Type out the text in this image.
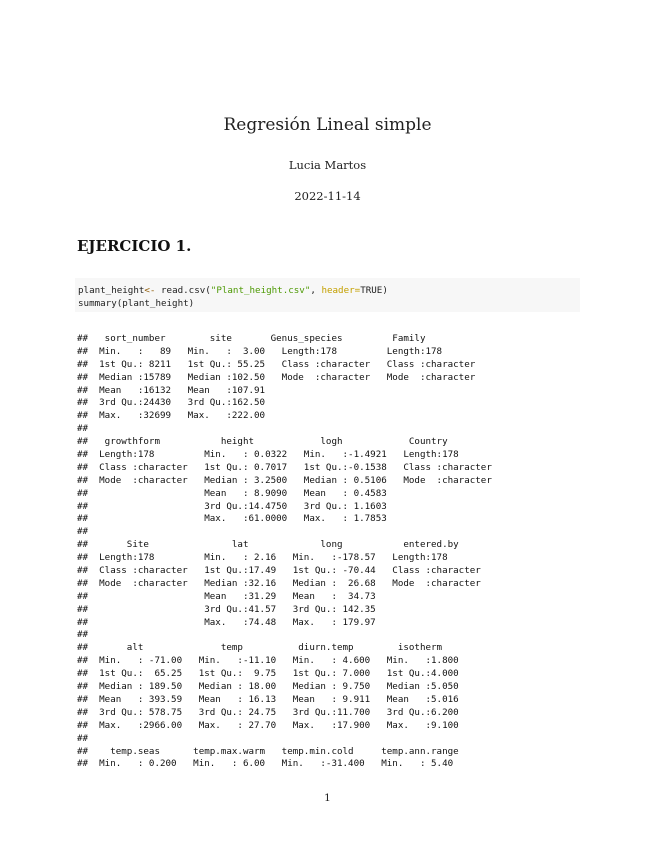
Regresión Lineal simple
Lucia Martos
2022-11-14
EJERCICIO 1.
plant_height<- read.csv("Plant_height.csv", header=TRUE)
summary(plant_height)
##   sort_number        site       Genus_species         Family
##  Min.   :   89   Min.   :  3.00   Length:178         Length:178
##  1st Qu.: 8211   1st Qu.: 55.25   Class :character   Class :character
##  Median :15789   Median :102.50   Mode  :character   Mode  :character
##  Mean   :16132   Mean   :107.91
##  3rd Qu.:24430   3rd Qu.:162.50
##  Max.   :32699   Max.   :222.00
##
##   growthform           height            logh            Country
##  Length:178         Min.   : 0.0322   Min.   :-1.4921   Length:178
##  Class :character   1st Qu.: 0.7017   1st Qu.:-0.1538   Class :character
##  Mode  :character   Median : 3.2500   Median : 0.5106   Mode  :character
##                     Mean   : 8.9090   Mean   : 0.4583
##                     3rd Qu.:14.4750   3rd Qu.: 1.1603
##                     Max.   :61.0000   Max.   : 1.7853
##
##       Site               lat             long           entered.by
##  Length:178         Min.   : 2.16   Min.   :-178.57   Length:178
##  Class :character   1st Qu.:17.49   1st Qu.: -70.44   Class :character
##  Mode  :character   Median :32.16   Median :  26.68   Mode  :character
##                     Mean   :31.29   Mean   :  34.73
##                     3rd Qu.:41.57   3rd Qu.: 142.35
##                     Max.   :74.48   Max.   : 179.97
##
##       alt              temp          diurn.temp        isotherm
##  Min.   : -71.00   Min.   :-11.10   Min.   : 4.600   Min.   :1.800
##  1st Qu.:  65.25   1st Qu.:  9.75   1st Qu.: 7.000   1st Qu.:4.000
##  Median : 189.50   Median : 18.00   Median : 9.750   Median :5.050
##  Mean   : 393.59   Mean   : 16.13   Mean   : 9.911   Mean   :5.016
##  3rd Qu.: 578.75   3rd Qu.: 24.75   3rd Qu.:11.700   3rd Qu.:6.200
##  Max.   :2966.00   Max.   : 27.70   Max.   :17.900   Max.   :9.100
##
##    temp.seas      temp.max.warm   temp.min.cold     temp.ann.range
##  Min.   : 0.200   Min.   : 6.00   Min.   :-31.400   Min.   : 5.40
1
